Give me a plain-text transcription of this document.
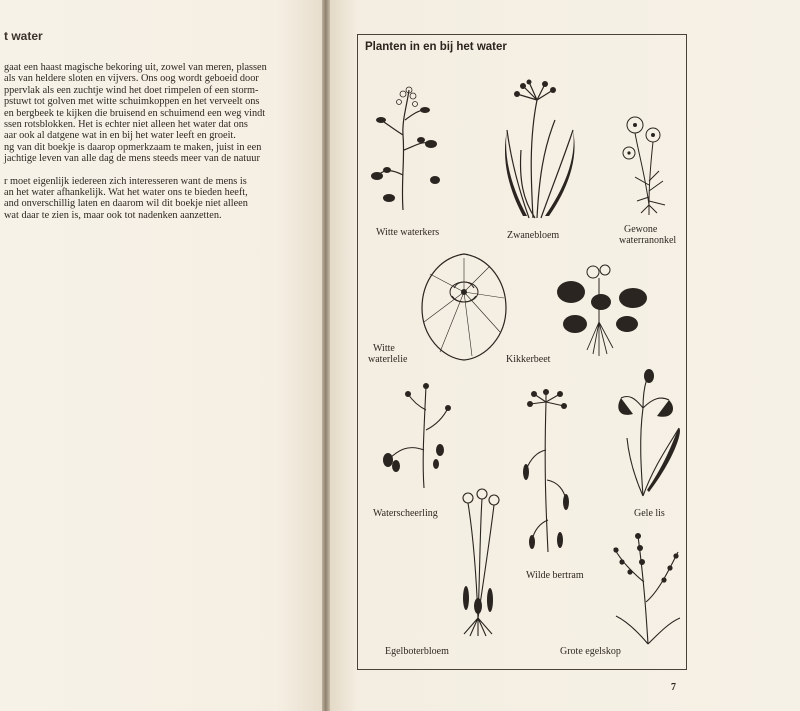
t water
gaat een haast magische bekoring uit, zowel van meren, plassen
als van heldere sloten en vijvers. Ons oog wordt geboeid door
ppervlak als een zuchtje wind het doet rimpelen of een storm-
pstuwt tot golven met witte schuimkoppen en het verveelt ons
en bergbeek te kijken die bruisend en schuimend een weg vindt
ssen rotsblokken. Het is echter niet alleen het water dat ons
aar ook al datgene wat in en bij het water leeft en groeit.
ng van dit boekje is daarop opmerkzaam te maken, juist in een
jachtige leven van alle dag de mens steeds meer van de natuur
r moet eigenlijk iedereen zich interesseren want de mens is
an het water afhankelijk. Wat het water ons te bieden heeft,
and onverschillig laten en daarom wil dit boekje niet alleen
wat daar te zien is, maar ook tot nadenken aanzetten.
Planten in en bij het water
Witte waterkers	Zwanebloem
Gewone
waterranonkel
Witte
waterlelie	Kikkerbeet
Waterscheerling
Wilde bertram
Gele lis
Egelboterbloem	Grote egelskop
7
